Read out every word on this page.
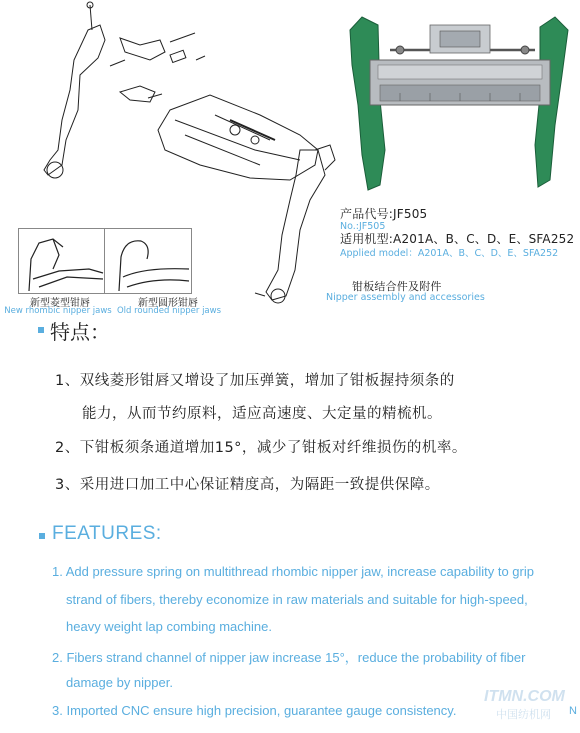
产品代号:JF505
No.:JF505
适用机型:A201A、B、C、D、E、SFA252
Applied model：A201A、B、C、D、E、SFA252
钳板结合件及附件
Nipper assembly and accessories
新型菱型钳唇
New rhombic nipper jaws
新型圆形钳唇
Old rounded nipper jaws
特点：
1、双线菱形钳唇又增设了加压弹簧，增加了钳板握持须条的
能力，从而节约原料，适应高速度、大定量的精梳机。
2、下钳板须条通道增加15°，减少了钳板对纤维损伤的机率。
3、采用进口加工中心保证精度高，为隔距一致提供保障。
FEATURES:
1. Add pressure spring on multithread rhombic nipper jaw, increase capability to grip
strand of fibers, thereby economize in raw materials and suitable for high-speed,
heavy weight lap combing machine.
2. Fibers strand channel of nipper jaw increase 15°，reduce the probability of fiber
damage by nipper.
3. Imported CNC ensure high precision, guarantee gauge consistency.
ITMN.COM
中国纺机网 N
